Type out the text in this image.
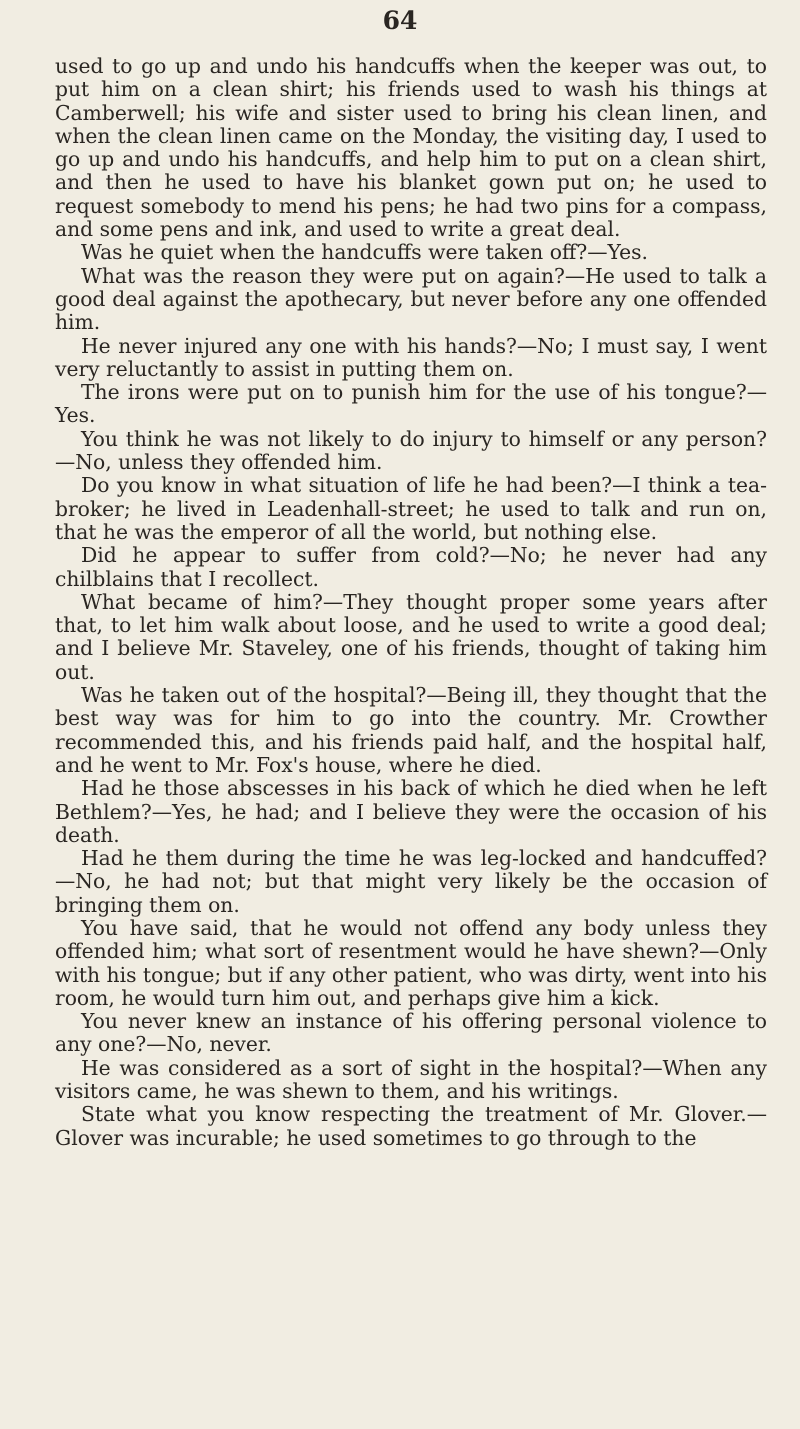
64

used to go up and undo his handcuffs when the keeper was out, to put him on a clean shirt; his friends used to wash his things at Camberwell; his wife and sister used to bring his clean linen, and when the clean linen came on the Monday, the visiting day, I used to go up and undo his handcuffs, and help him to put on a clean shirt, and then he used to have his blanket gown put on; he used to request somebody to mend his pens; he had two pins for a compass, and some pens and ink, and used to write a great deal.

Was he quiet when the handcuffs were taken off?—Yes.

What was the reason they were put on again?—He used to talk a good deal against the apothecary, but never before any one offended him.

He never injured any one with his hands?—No; I must say, I went very reluctantly to assist in putting them on.

The irons were put on to punish him for the use of his tongue?—Yes.

You think he was not likely to do injury to himself or any person?—No, unless they offended him.

Do you know in what situation of life he had been?—I think a tea-broker; he lived in Leadenhall-street; he used to talk and run on, that he was the emperor of all the world, but nothing else.

Did he appear to suffer from cold?—No; he never had any chilblains that I recollect.

What became of him?—They thought proper some years after that, to let him walk about loose, and he used to write a good deal; and I believe Mr. Staveley, one of his friends, thought of taking him out.

Was he taken out of the hospital?—Being ill, they thought that the best way was for him to go into the country. Mr. Crowther recommended this, and his friends paid half, and the hospital half, and he went to Mr. Fox's house, where he died.

Had he those abscesses in his back of which he died when he left Bethlem?—Yes, he had; and I believe they were the occasion of his death.

Had he them during the time he was leg-locked and handcuffed?—No, he had not; but that might very likely be the occasion of bringing them on.

You have said, that he would not offend any body unless they offended him; what sort of resentment would he have shewn?—Only with his tongue; but if any other patient, who was dirty, went into his room, he would turn him out, and perhaps give him a kick.

You never knew an instance of his offering personal violence to any one?—No, never.

He was considered as a sort of sight in the hospital?—When any visitors came, he was shewn to them, and his writings.

State what you know respecting the treatment of Mr. Glover.—Glover was incurable; he used sometimes to go through to the
